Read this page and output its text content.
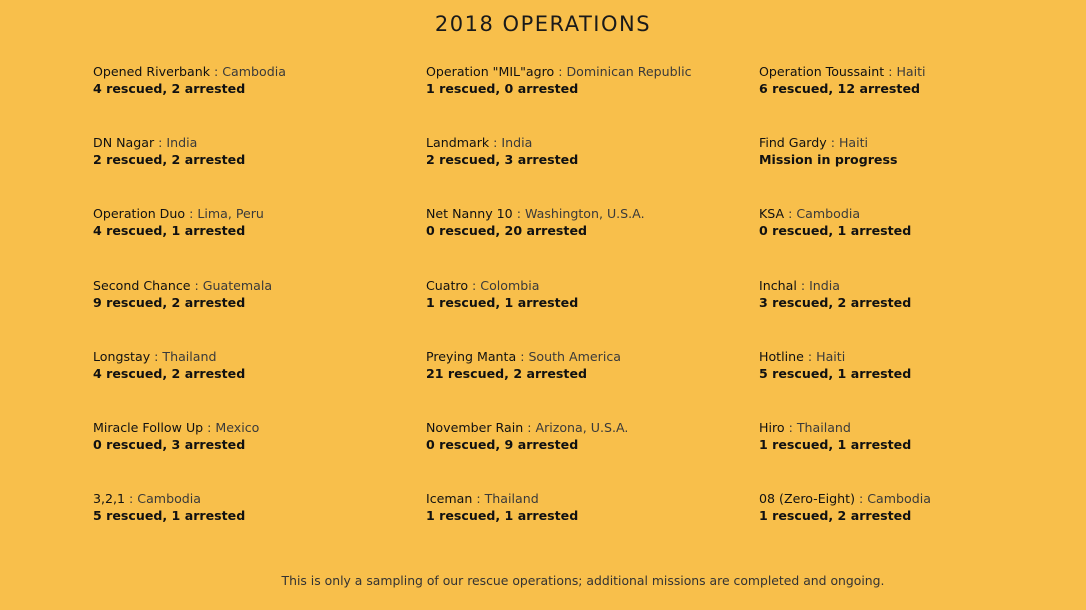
2018 OPERATIONS
Opened Riverbank : Cambodia
4 rescued, 2 arrested
Operation "MIL"agro : Dominican Republic
1 rescued, 0 arrested
Operation Toussaint : Haiti
6 rescued, 12 arrested
DN Nagar : India
2 rescued, 2 arrested
Landmark : India
2 rescued, 3 arrested
Find Gardy : Haiti
Mission in progress
Operation Duo : Lima, Peru
4 rescued, 1 arrested
Net Nanny 10 : Washington, U.S.A.
0 rescued, 20 arrested
KSA : Cambodia
0 rescued, 1 arrested
Second Chance : Guatemala
9 rescued, 2 arrested
Cuatro : Colombia
1 rescued, 1 arrested
Inchal : India
3 rescued, 2 arrested
Longstay : Thailand
4 rescued, 2 arrested
Preying Manta : South America
21 rescued, 2 arrested
Hotline : Haiti
5 rescued, 1 arrested
Miracle Follow Up : Mexico
0 rescued, 3 arrested
November Rain : Arizona, U.S.A.
0 rescued, 9 arrested
Hiro : Thailand
1 rescued, 1 arrested
3,2,1 : Cambodia
5 rescued, 1 arrested
Iceman : Thailand
1 rescued, 1 arrested
08 (Zero-Eight) : Cambodia
1 rescued, 2 arrested
This is only a sampling of our rescue operations; additional missions are completed and ongoing.
